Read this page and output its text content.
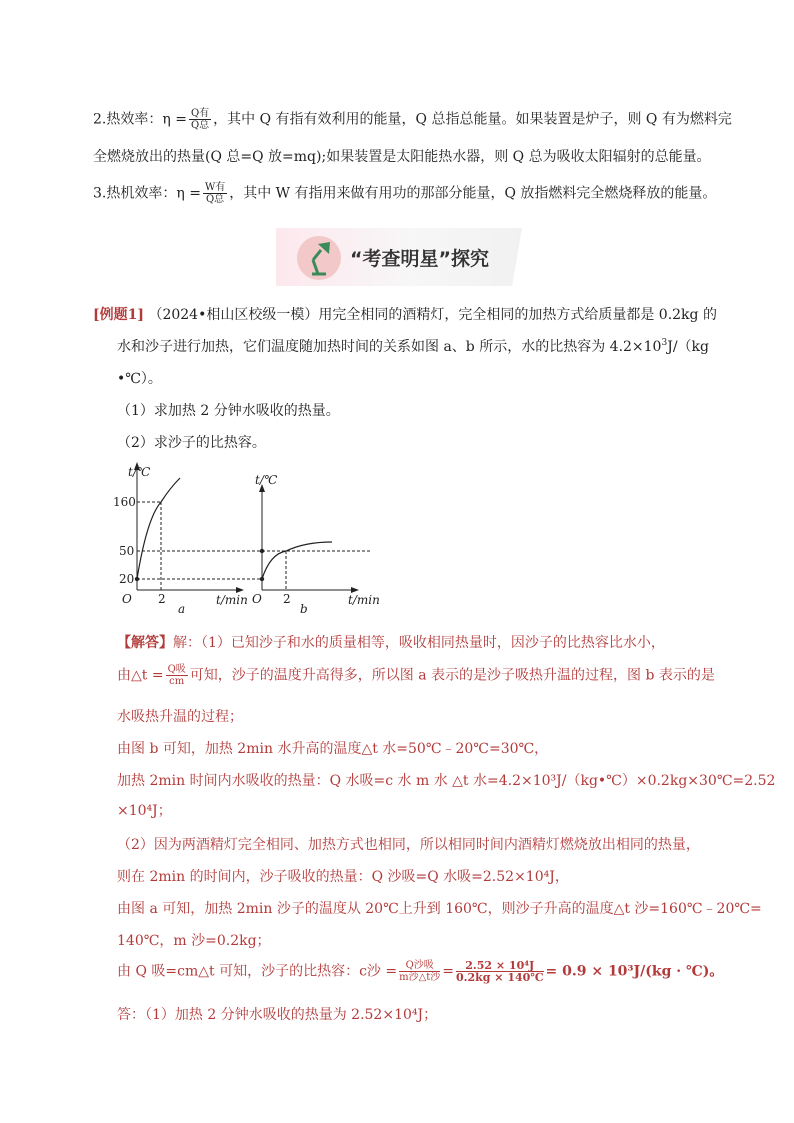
2.热效率：$\eta = \frac{\text{Q有}}{\text{Q总}}$ ，其中 Q 有指有效利用的能量，Q 总指总能量。如果装置是炉子，则 Q 有为燃料完
全燃烧放出的热量(Q 总=Q 放=mq);如果装置是太阳能热水器，则 Q 总为吸收太阳辐射的总能量。
3.热机效率：$\eta = \frac{\text{W有}}{\text{Q总}}$ ，其中 W 有指用来做有用功的那部分能量，Q 放指燃料完全燃烧释放的能量。
“考查明星”探究
[例题1] （2024•相山区校级一模）用完全相同的酒精灯，完全相同的加热方式给质量都是 0.2kg 的
水和沙子进行加热，它们温度随加热时间的关系如图 a、b 所示，水的比热容为 $4.2\times 10^3J/(kg$
•℃）。
（1）求加热 2 分钟水吸收的热量。
（2）求沙子的比热容。
t/℃
160
50
20
O 2	t/min
a
t/℃
O 2	t/min
b
【解答】解：（1）已知沙子和水的质量相等，吸收相同热量时，因沙子的比热容比水小，
由△t = $\frac{\text{Q吸}}{cm}$ 可知，沙子的温度升高得多，所以图 a 表示的是沙子吸热升温的过程，图 b 表示的是
水吸热升温的过程；
由图 b 可知，加热 2min 水升高的温度△t 水=50℃﹣20℃=30℃，
加热 2min 时间内水吸收的热量：Q 水吸=c 水 m 水 △t 水=4.2×10³J/（kg•℃）×0.2kg×30℃=2.52
×10⁴J；
（2）因为两酒精灯完全相同、加热方式也相同，所以相同时间内酒精灯燃烧放出相同的热量，
则在 2min 的时间内，沙子吸收的热量：Q 沙吸=Q 水吸=2.52×10⁴J，
由图 a 可知，加热 2min 沙子的温度从 20℃上升到 160℃，则沙子升高的温度△t 沙=160℃﹣20℃=
140℃，m 沙=0.2kg；
由 Q 吸=cm△t 可知，沙子的比热容：c沙 = $\frac{\text{Q沙吸}}{\text{m沙△t沙}} = \frac{\text{2.52 × 10⁴J}}{0.2kg \times 140℃} = 0.9 \times 10^3J/(kg$ · ℃)。
答：（1）加热 2 分钟水吸收的热量为 2.52×10⁴J；
